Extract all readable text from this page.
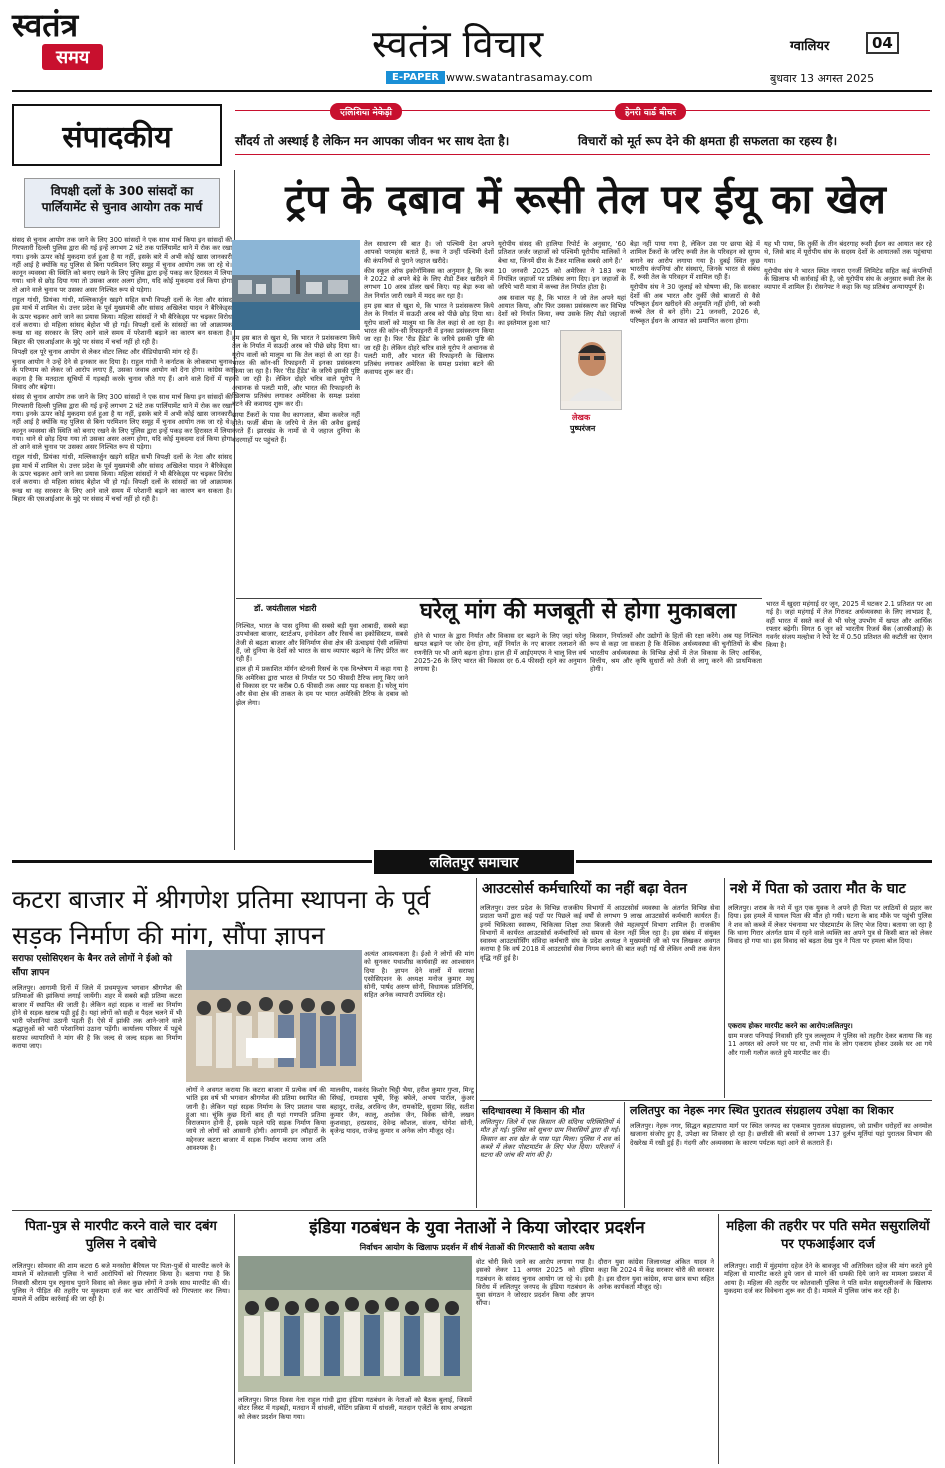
स्वतंत्र
समय	स्वतंत्र विचार
E-PAPER www.swatantrasamay.com
ग्वालियर	04
बुधवार 13 अगस्त 2025
संपादकीय
एलिशिया मेकेड़ी
सौंदर्य तो अस्थाई है लेकिन मन आपका जीवन भर साथ देता है।
हेनरी वार्ड बीचर
विचारों को मूर्त रूप देने की क्षमता ही सफलता का रहस्य है।
विपक्षी दलों के 300 सांसदों का पार्लियामेंट से चुनाव आयोग तक मार्च

संसद से चुनाव आयोग तक जाने के लिए 300 सांसदों ने एक साथ मार्च किया इन सांसदों की गिरफ्तारी दिल्ली पुलिस द्वारा की गई इन्हें लगभग 2 घंटे तक पार्लियामेंट थाने में रोक कर रखा गया। इनके ऊपर कोई मुकदमा दर्ज हुआ है या नहीं, इसके बारे में अभी कोई खास जानकारी नहीं आई है क्योंकि यह पुलिस से बिना परमिशन लिए समूह में चुनाव आयोग तक जा रहे थे। कानून व्यवस्था की स्थिति को बनाए रखने के लिए पुलिस द्वारा इन्हें पकड़ कर हिरासत में लिया गया। थाने से छोड़ दिया गया तो उसका असर अलग होगा, यदि कोई मुकदमा दर्ज किया होगा तो आने वाले चुनाव पर उसका असर निश्चित रूप से पड़ेगा।

राहुल गांधी, प्रियंका गांधी, मल्लिकार्जुन खड़गे सहित सभी विपक्षी दलों के नेता और सांसद इस मार्च में शामिल थे। उत्तर प्रदेश के पूर्व मुख्यमंत्री और सांसद अखिलेश यादव ने बैरिकेड्स के ऊपर चढ़कर आगे जाने का प्रयास किया। महिला सांसदों ने भी बैरिकेड्स पर चढ़कर विरोध दर्ज कराया। दो महिला सांसद बेहोश भी हो गईं। विपक्षी दलों के सांसदों का जो आक्रामक रूख था वह सरकार के लिए आने वाले समय में परेशानी बढ़ाने का कारण बन सकता है। बिहार की एसआईआर के मुद्दे पर संसद में चर्चा नहीं हो रही है।

विपक्षी दल पूरे चुनाव आयोग से लेकर वोटर लिस्ट और वीडियोग्राफी मांग रहे हैं।

चुनाव आयोग ने उन्हें देने से इनकार कर दिया है। राहुल गांधी ने कर्नाटक के लोकसभा चुनाव के परिणाम को लेकर जो आरोप लगाए हैं, उसका जवाब आयोग को देना होगा। कांग्रेस का कहना है कि मतदाता सूचियों में गड़बड़ी करके चुनाव जीते गए हैं। आने वाले दिनों में यह विवाद और बढ़ेगा।

संसद से चुनाव आयोग तक जाने के लिए 300 सांसदों ने एक साथ मार्च किया इन सांसदों की गिरफ्तारी दिल्ली पुलिस द्वारा की गई इन्हें लगभग 2 घंटे तक पार्लियामेंट थाने में रोक कर रखा गया। इनके ऊपर कोई मुकदमा दर्ज हुआ है या नहीं, इसके बारे में अभी कोई खास जानकारी नहीं आई है क्योंकि यह पुलिस से बिना परमिशन लिए समूह में चुनाव आयोग तक जा रहे थे। कानून व्यवस्था की स्थिति को बनाए रखने के लिए पुलिस द्वारा इन्हें पकड़ कर हिरासत में लिया गया। थाने से छोड़ दिया गया तो उसका असर अलग होगा, यदि कोई मुकदमा दर्ज किया होगा तो आने वाले चुनाव पर उसका असर निश्चित रूप से पड़ेगा।

राहुल गांधी, प्रियंका गांधी, मल्लिकार्जुन खड़गे सहित सभी विपक्षी दलों के नेता और सांसद इस मार्च में शामिल थे। उत्तर प्रदेश के पूर्व मुख्यमंत्री और सांसद अखिलेश यादव ने बैरिकेड्स के ऊपर चढ़कर आगे जाने का प्रयास किया। महिला सांसदों ने भी बैरिकेड्स पर चढ़कर विरोध दर्ज कराया। दो महिला सांसद बेहोश भी हो गईं। विपक्षी दलों के सांसदों का जो आक्रामक रूख था वह सरकार के लिए आने वाले समय में परेशानी बढ़ाने का कारण बन सकता है। बिहार की एसआईआर के मुद्दे पर संसद में चर्चा नहीं हो रही है।

ट्रंप के दबाव में रूसी तेल पर ईयू का खेल

हम इस बात से खुश थे, कि भारत ने प्रशंसकरण किये तेल के निर्यात में सऊदी अरब को पीछे छोड़ दिया था। यूरोप वालों को मालूम था कि तेल कहां से आ रहा है। भारत की कॉन-सी रिफाइनरी में इनका प्रसंस्करण किया जा रहा है। फिर 'रीड हैंडेड' के जरिये इसकी पुष्टि की जा रही है। लेकिन दोहरे चरित्र वाले यूरोप ने अचानक से पलटी मारी, और भारत की रिफाइनरी के खिलाफ प्रतिबंध लगाकर अमेरिका के समक्ष प्रशंसा बटने की कवायद शुरू कर दी।

छाया टैंकरों के पास वैध कागजात, बीमा कवरेज नहीं होते। फर्जी बीमा के जरिये ये तेल की अवैध ढुलाई करते हैं। झारखंड के नामों से ये जहाज दुनिया के बंदरगाहों पर पहुंचते हैं।

तेल साधारण सी बात है। जो पश्चिमी देश अपने आपको परमहंस बताते हैं, रूस ने उन्हीं पश्चिमी देशों की कंपनियों से पुराने जहाज खरीदे।

कीव स्कूल ऑफ इकोनॉमिक्स का अनुमान है, कि रूस ने 2022 से अपने बेड़े के लिए शैडो टैंकर खरीदने में लगभग 10 अरब डॉलर खर्च किए। यह बेड़ा रूस को तेल निर्यात जारी रखने में मदद कर रहा है।

हम इस बात से खुश थे, कि भारत ने प्रशंसकरण किये तेल के निर्यात में सऊदी अरब को पीछे छोड़ दिया था। यूरोप वालों को मालूम था कि तेल कहां से आ रहा है। भारत की कॉन-सी रिफाइनरी में इनका प्रसंस्करण किया जा रहा है। फिर 'रीड हैंडेड' के जरिये इसकी पुष्टि की जा रही है। लेकिन दोहरे चरित्र वाले यूरोप ने अचानक से पलटी मारी, और भारत की रिफाइनरी के खिलाफ प्रतिबंध लगाकर अमेरिका के समक्ष प्रशंसा बटने की कवायद शुरू कर दी।

यूरोपीय संसद की हालिया रिपोर्ट के अनुसार, '60 प्रतिशत जर्जर जहाजों को पश्चिमी यूरोपीय मालिकों ने बेचा था, जिनमें ग्रीस के टैंकर मालिक सबसे आगे हैं।'

10 जनवरी 2025 को अमेरिका ने 183 रूस नियंत्रित जहाजों पर प्रतिबंध लगा दिए। इन जहाजों के जरिये भारी मात्रा में कच्चा तेल निर्यात होता है।

अब सवाल यह है, कि भारत ने जो तेल अपने यहां आयात किया, और फिर उसका प्रसंस्करण कर विभिन्न देशों को निर्यात किया, क्या उसके लिए शैडो जहाजों का इस्तेमाल हुआ था?

बेड़ा नहीं पाया गया है, लेकिन उस पर छाया बेड़े में शामिल टैंकरों के जरिए रूसी तेल के परिवहन को सुगम बनाने का आरोप लगाया गया है। दुबई स्थित कुछ भारतीय कंपनियां और संस्थाएं, जिनके भारत से संबंध हैं, रूसी तेल के परिवहन में शामिल रही हैं।

यूरोपीय संघ ने 30 जुलाई को घोषणा की, कि सरकार देशों की अब भारत और तुर्की जैसे बाजारों से वैसे परिष्कृत ईंधन खरीदने की अनुमति नहीं होगी, जो रूसी कच्चे तेल से बने होंगे। 21 जनवरी, 2026 से, परिष्कृत ईंधन के आयात को प्रमाणित करना होगा।

यह भी पाया, कि तुर्की के तीन बंदरगाह रूसी ईंधन का आयात कर रहे थे, जिसे बाद में यूरोपीय संघ के सदस्य देशों के आयातकों तक पहुंचाया गया।

यूरोपीय संघ ने भारत स्थित नायरा एनर्जी लिमिटेड सहित कई कंपनियों के खिलाफ भी कार्रवाई की है, जो यूरोपीय संघ के अनुसार रूसी तेल के व्यापार में शामिल हैं। रोसनेफ्ट ने कहा कि यह प्रतिबंध अन्यायपूर्ण है।

लेखक
पुष्परंजन
डॉ. जयंतीलाल भंडारी	घरेलू मांग की मजबूती से होगा मुकाबला

निश्चित, भारत के पास दुनिया की सबसे बड़ी युवा आबादी, सबसे बड़ा उपभोक्ता बाजार, स्टार्टअप, इनोवेशन और रिसर्च का इकोसिस्टम, सबसे तेजी से बढ़ता बाजार और विनिर्माण सेवा क्षेत्र की ऊंचाइयां ऐसी शक्तियां हैं, जो दुनिया के देशों को भारत के साथ व्यापार बढ़ाने के लिए प्रेरित कर रही हैं।

हाल ही में प्रकाशित मॉर्गन स्टेनली रिसर्च के एक विश्लेषण में कहा गया है कि अमेरिका द्वारा भारत से निर्यात पर 50 फीसदी टैरिफ लागू किए जाने से विकास दर पर करीब 0.6 फीसदी तक असर पड़ सकता है। घरेलू मांग और सेवा क्षेत्र की ताकत के दम पर भारत अमेरिकी टैरिफ के दबाव को झेल लेगा।

होने से भारत के द्वारा निर्यात और विकास दर बढ़ाने के लिए जहां घरेलू खपत बढ़ाने पर जोर देना होगा, वहीं निर्यात के नए बाजार तलाशने की रणनीति पर भी आगे बढ़ना होगा। हाल ही में आईएमएफ ने चालू वित्त वर्ष 2025-26 के लिए भारत की विकास दर 6.4 फीसदी रहने का अनुमान लगाया है।

किसान, निर्यातकों और उद्योगों के हितों की रक्षा करेंगे। अब यह निश्चित रूप से कहा जा सकता है कि वैश्विक अर्थव्यवस्था की चुनौतियों के बीच भारतीय अर्थव्यवस्था के विभिन्न क्षेत्रों में तेज विकास के लिए आर्थिक, वित्तीय, श्रम और कृषि सुधारों को तेजी से लागू करने की प्राथमिकता होगी।

भारत में खुदरा महंगाई दर जून, 2025 में घटकर 2.1 प्रतिशत पर आ गई है। जहां महंगाई में तेज गिरावट अर्थव्यवस्था के लिए लाभप्रद है, वहीं भारत में सस्ते कर्ज से भी घरेलू उपभोग में खपत और आर्थिक रफ्तार बढ़ेगी। विगत 6 जून को भारतीय रिजर्व बैंक (आरबीआई) के गवर्नर संजय मल्होत्रा ने रेपो रेट में 0.50 प्रतिशत की कटौती का ऐलान किया है।

ललितपुर समाचार
कटरा बाजार में श्रीगणेश प्रतिमा स्थापना के पूर्व सड़क निर्माण की मांग, सौंपा ज्ञापन
सराफा एसोसिएशन के बैनर तले लोगों ने ईओ को सौंपा ज्ञापन
ललितपुर। आगामी दिनों में जिले में प्रथमपूज्य भगवान श्रीगणेश की प्रतिमाओं की झांकियां लगाई जायेंगी। शहर में सबसे बड़ी प्रतिमा कटरा बाजार में स्थापित की जाती है। लेकिन वहां सड़क व नालों का निर्माण होने से सड़क खराब पड़ी हुई है। यहां लोगों को सही व पैदल चलने में भी भारी परेशानियां उठानी पड़ती हैं। ऐसे में झांकी तक आने-जाने वाले श्रद्धालुओं को भारी परेशानियां उठाना पड़ेंगी। कार्यालय परिसर में पहुंचे सराफा व्यापारियों ने मांग की है कि जल्द से जल्द सड़क का निर्माण कराया जाए।
अत्यंत आवश्यकता है। ईओ ने लोगों की मांग को सुनकर यथाशीघ्र कार्यवाही का आश्वासन दिया है। ज्ञापन देने वालों में सराफा एसोसिएशन के अध्यक्ष मनोज कुमार मधु सोनी, पार्षद अरुण सोनी, विधायक प्रतिनिधि, सहित अनेक व्यापारी उपस्थित रहे।
लोगों ने अवगत कराया कि कटरा बाजार में प्रत्येक वर्ष की भांति इस वर्ष भी भगवान श्रीगणेश की प्रतिमा स्थापित की जानी है। लेकिन यहां सड़क निर्माण के लिए प्रस्ताव पास हुआ था। चूंकि कुछ दिनों बाद ही यहां गणपति प्रतिमा विराजमान होनी है, इसके पहले यदि सड़क निर्माण किया जाये तो लोगों को आसानी होगी। आगामी इन त्यौहारों के मद्देनजर कटरा बाजार में सड़क निर्माण कराया जाना अति आवश्यक है।
मालवीय, मकरंद किशोर चिट्ठी भैया, हरीश कुमार गुप्ता, मिन्टू सिंघई, रामदास भूषी, रिंकू बघेले, अभय पारोल, कुंअर बहादुर, राजेंद्र, अरविन्द जैन, रामकोटि, सुदामा सिंह, सतीश कुमार जैन, कालू, अशोक जैन, विवेक सोनी, लखन कुशवाहा, हरप्रसाद, देवेन्द्र कौशल, संजय, योगेश सोनी, बृजेन्द्र यादव, राजेन्द्र कुमार व अनेक लोग मौजूद रहे।
आउटसोर्स कर्मचारियों का नहीं बढ़ा वेतन
ललितपुर। उत्तर प्रदेश के विभिन्न राजकीय विभागों में आउटसोर्स व्यवस्था के अंतर्गत विभिन्न सेवा प्रदाता फर्मों द्वारा कई पदों पर पिछले कई वर्षों से लगभग 9 लाख आउटसोर्स कर्मचारी कार्यरत हैं। इनमें चिकित्सा स्वास्थ्य, चिकित्सा शिक्षा तथा बिजली जैसे महत्वपूर्ण विभाग शामिल हैं। राजकीय विभागों में कार्यरत आउटसोर्स कर्मचारियों को समय से वेतन नहीं मिल रहा है। इस संबंध में संयुक्त स्वास्थ्य आउटसोर्सिंग संविदा कर्मचारी संघ के प्रदेश अध्यक्ष ने मुख्यमंत्री जी को पत्र लिखकर अवगत कराया है कि वर्ष 2018 में आउटसोर्स सेवा निगम बनाने की बात कही गई थी लेकिन अभी तक वेतन वृद्धि नहीं हुई है।
नशे में पिता को उतारा मौत के घाट
ललितपुर। शराब के नशे में धुत एक युवक ने अपने ही पिता पर लाठियों से प्रहार कर दिया। इस हमले में घायल पिता की मौत हो गयी। घटना के बाद मौके पर पहुंची पुलिस ने शव को कब्जे में लेकर पंचनामा भर पोस्टमार्टम के लिए भेज दिया। बताया जा रहा है कि थाना गिरार अंतर्गत ग्राम में रहने वाले व्यक्ति का अपने पुत्र से किसी बात को लेकर विवाद हो गया था। इस विवाद को बढ़ता देख पुत्र ने पिता पर हमला बोल दिया।
एकराय होकर मारपीट करने का आरोप:ललितपुर।
ग्राम मजरा पनियाई निवासी हरि पुत्र लल्लूराम ने पुलिस को तहरीर देकर बताया कि वह 11 अगस्त को अपने घर पर था, तभी गांव के लोग एकराय होकर उसके घर आ गये और गाली गलौज करते हुये मारपीट कर दी।
सदिग्धावस्था में किसान की मौत
ललितपुर। जिले में एक किसान की संदिग्ध परिस्थितियों में मौत हो गई। पुलिस को सूचना ग्राम निवासियों द्वारा दी गई। किसान का शव खेत के पास पड़ा मिला। पुलिस ने शव को कब्जे में लेकर पोस्टमार्टम के लिए भेज दिया। परिजनों ने घटना की जांच की मांग की है।
ललितपुर का नेहरू नगर स्थित पुरातत्व संग्रहालय उपेक्षा का शिकार
ललितपुर। नेहरू नगर, सिद्धन बहाटापारा मार्ग पर स्थित जनपद का एकमात्र पुरातत्व संग्रहालय, जो प्राचीन धरोहरों का अनमोल खजाना संजोए हुए है, उपेक्षा का शिकार हो रहा है। छत्तीसी की बरसों से लगभग 137 दुर्लभ मूर्तियां यहां पुरातत्व विभाग की देखरेख में रखी हुई हैं। गंदगी और अव्यवस्था के कारण पर्यटक यहां आने से कतराते हैं।
पिता-पुत्र से मारपीट करने वाले चार दबंग पुलिस ने दबोचे
ललितपुर। सोमवार की शाम कटरा 6 बजे मनसोरा बैरियल पर पिता-पुत्रों से मारपीट करने के मामले में कोतवाली पुलिस ने चारों आरोपियों को गिरफ्तार किया है। बताया गया है कि निवासी श्रीराम पुत्र रघुनाथ पुराने विवाद को लेकर कुछ लोगों ने उनके साथ मारपीट की थी। पुलिस ने पीड़ित की तहरीर पर मुकदमा दर्ज कर चार आरोपियों को गिरफ्तार कर लिया। मामले में अग्रिम कार्रवाई की जा रही है।
इंडिया गठबंधन के युवा नेताओं ने किया जोरदार प्रदर्शन
निर्वाचन आयोग के खिलाफ प्रदर्शन में शीर्ष नेताओं की गिरफ्तारी को बताया अवैध
ललितपुर। विगत दिवस नेता राहुल गांधी द्वारा इंडिया गठबंधन के नेताओं को बैठक बुलाई, जिसमें वोटर लिस्ट में गड़बड़ी, मतदान में धांधली, वोटिंग प्रक्रिया में धांधली, मतदान एजेंटों के साथ अभद्रता को लेकर प्रदर्शन किया गया।
वोट चोरी किये जाने का आरोप लगाया गया है। इसको लेकर 11 अगस्त 2025 को इंडिया गठबंधन के सांसद चुनाव आयोग जा रहे थे। इसी विरोध में ललितपुर जनपद के इंडिया गठबंधन के युवा संगठन ने जोरदार प्रदर्शन किया और ज्ञापन सौंपा।
दौरान युवा कांग्रेस जिलाध्यक्ष अंकित यादव ने कहा कि 2024 में केंद्र सरकार चोरी की सरकार है। इस दौरान युवा कांग्रेस, सपा छात्र सभा सहित अनेक कार्यकर्ता मौजूद रहे।
महिला की तहरीर पर पति समेत ससुरालियों पर एफआईआर दर्ज
ललितपुर। शादी में मुंहमांगा दहेज देने के बावजूद भी अतिरिक्त दहेज की मांग करते हुये महिला से मारपीट करते हुये जान से मारने की धमकी दिये जाने का मामला प्रकाश में आया है। महिला की तहरीर पर कोतवाली पुलिस ने पति समेत ससुरालीजनों के खिलाफ मुकदमा दर्ज कर विवेचना शुरू कर दी है। मामले में पुलिस जांच कर रही है।
